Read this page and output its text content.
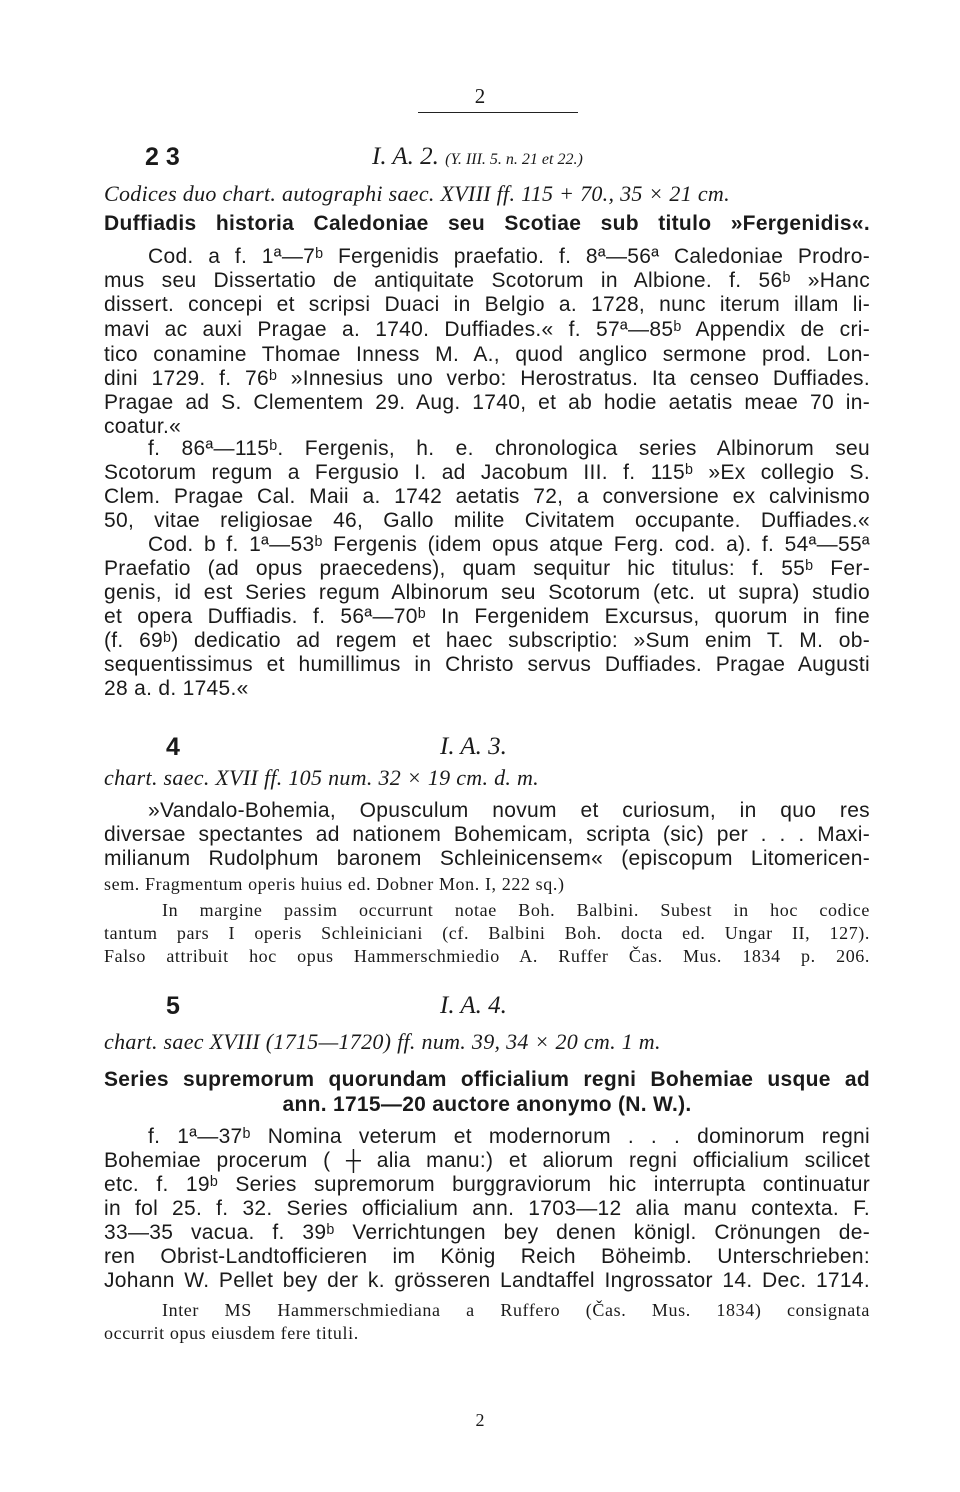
2
2 3	I. A. 2. (Y. III. 5. n. 21 et 22.)
Codices duo chart. autographi saec. XVIII ff. 115 + 70., 35 × 21 cm.
Duffiadis historia Caledoniae seu Scotiae sub titulo »Fergenidis«.
Cod. a f. 1ª—7ᵇ Fergenidis praefatio. f. 8ª—56ª Caledoniae Prodro-
mus seu Dissertatio de antiquitate Scotorum in Albione. f. 56ᵇ »Hanc
dissert. concepi et scripsi Duaci in Belgio a. 1728, nunc iterum illam li-
mavi ac auxi Pragae a. 1740. Duffiades.« f. 57ª—85ᵇ Appendix de cri-
tico conamine Thomae Inness M. A., quod anglico sermone prod. Lon-
dini 1729. f. 76ᵇ »Innesius uno verbo: Herostratus. Ita censeo Duffiades.
Pragae ad S. Clementem 29. Aug. 1740, et ab hodie aetatis meae 70 in-
coatur.«
f. 86ª—115ᵇ. Fergenis, h. e. chronologica series Albinorum seu
Scotorum regum a Fergusio I. ad Jacobum III. f. 115ᵇ »Ex collegio S.
Clem. Pragae Cal. Maii a. 1742 aetatis 72, a conversione ex calvinismo
50, vitae religiosae 46, Gallo milite Civitatem occupante. Duffiades.«
Cod. b f. 1ª—53ᵇ Fergenis (idem opus atque Ferg. cod. a). f. 54ª—55ª
Praefatio (ad opus praecedens), quam sequitur hic titulus: f. 55ᵇ Fer-
genis, id est Series regum Albinorum seu Scotorum (etc. ut supra) studio
et opera Duffiadis. f. 56ª—70ᵇ In Fergenidem Excursus, quorum in fine
(f. 69ᵇ) dedicatio ad regem et haec subscriptio: »Sum enim T. M. ob-
sequentissimus et humillimus in Christo servus Duffiades. Pragae Augusti
28 a. d. 1745.«
4	I. A. 3.
chart. saec. XVII ff. 105 num. 32 × 19 cm. d. m.
»Vandalo-Bohemia, Opusculum novum et curiosum, in quo res
diversae spectantes ad nationem Bohemicam, scripta (sic) per . . . Maxi-
milianum Rudolphum baronem Schleinicensem« (episcopum Litomericen-
sem. Fragmentum operis huius ed. Dobner Mon. I, 222 sq.)
In margine passim occurrunt notae Boh. Balbini. Subest in hoc codice
tantum pars I operis Schleiniciani (cf. Balbini Boh. docta ed. Ungar II, 127).
Falso attribuit hoc opus Hammerschmiedio A. Ruffer Čas. Mus. 1834 p. 206.
5	I. A. 4.
chart. saec XVIII (1715—1720) ff. num. 39, 34 × 20 cm. 1 m.
Series supremorum quorundam officialium regni Bohemiae usque ad
ann. 1715—20 auctore anonymo (N. W.).
f. 1ª—37ᵇ Nomina veterum et modernorum . . . dominorum regni
Bohemiae procerum ( ┼ alia manu:) et aliorum regni officialium scilicet
etc. f. 19ᵇ Series supremorum burggraviorum hic interrupta continuatur
in fol 25. f. 32. Series officialium ann. 1703—12 alia manu contexta. F.
33—35 vacua. f. 39ᵇ Verrichtungen bey denen königl. Crönungen de-
ren Obrist-Landtofficieren im König Reich Böheimb. Unterschrieben:
Johann W. Pellet bey der k. grösseren Landtaffel Ingrossator 14. Dec. 1714.
Inter MS Hammerschmiediana a Ruffero (Čas. Mus. 1834) consignata
occurrit opus eiusdem fere tituli.
2
